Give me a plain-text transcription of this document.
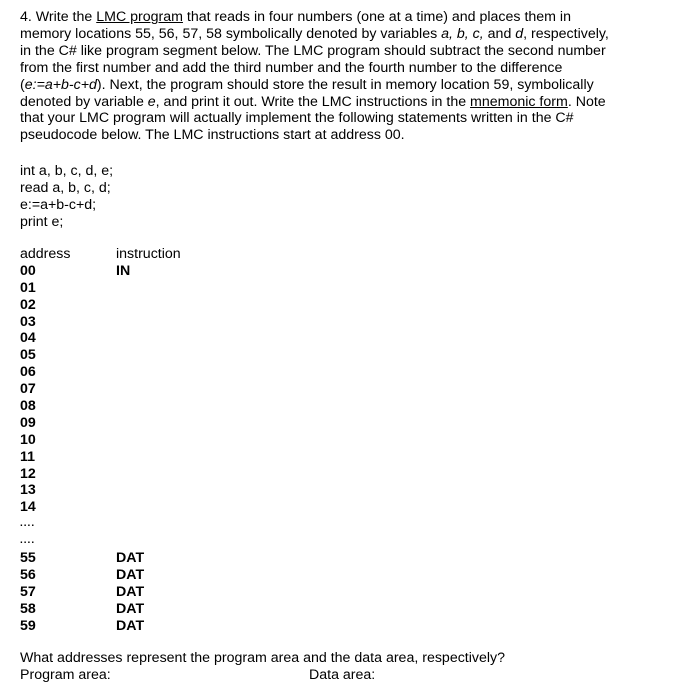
4. Write the LMC program that reads in four numbers (one at a time) and places them in

memory locations 55, 56, 57, 58 symbolically denoted by variables a, b, c, and d, respectively,

in the C# like program segment below. The LMC program should subtract the second number

from the first number and add the third number and the fourth number to the difference

(e:=a+b-c+d). Next, the program should store the result in memory location 59, symbolically

denoted by variable e, and print it out. Write the LMC instructions in the mnemonic form. Note

that your LMC program will actually implement the following statements written in the C#

pseudocode below. The LMC instructions start at address 00.

int a, b, c, d, e;
read a, b, c, d;
e:=a+b-c+d;
print e;
address	instruction
00	IN
01
02
03
04
05
06
07
08
09
10
11
12
13
14
....
....
55	DAT
56	DAT
57	DAT
58	DAT
59	DAT
What addresses represent the program area and the data area, respectively?
Program area:	Data area:
